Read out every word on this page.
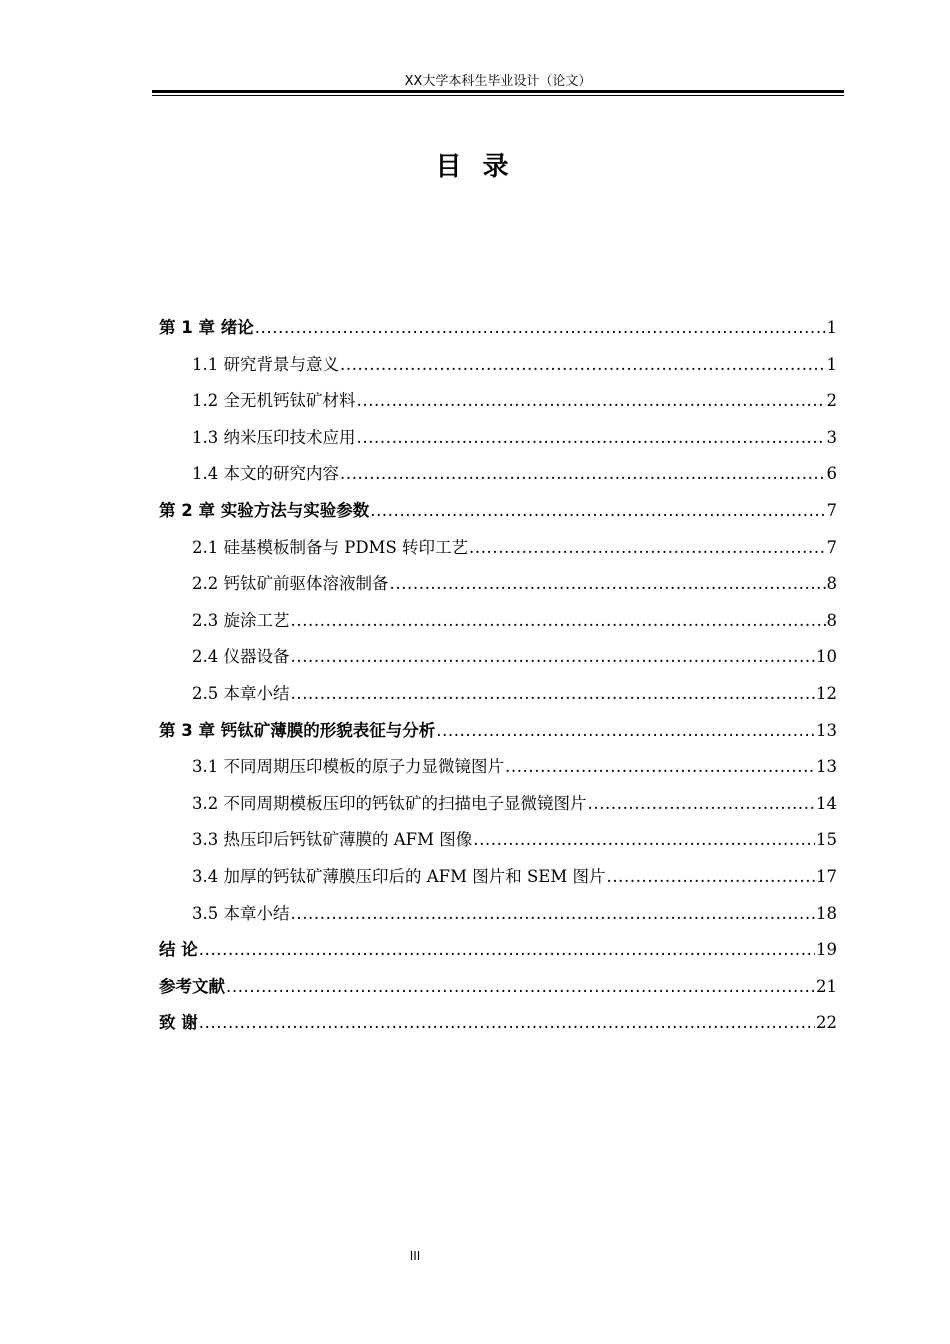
XX大学本科生毕业设计（论文）
目 录
第 1 章 绪论 .....	1
1.1 研究背景与意义 .....	1
1.2 全无机钙钛矿材料 .....	2
1.3 纳米压印技术应用 .....	3
1.4 本文的研究内容 .....	6
第 2 章 实验方法与实验参数 .....	7
2.1 硅基模板制备与 PDMS 转印工艺 .....	7
2.2 钙钛矿前驱体溶液制备 .....	8
2.3 旋涂工艺 .....	8
2.4 仪器设备 .....	10
2.5 本章小结 .....	12
第 3 章 钙钛矿薄膜的形貌表征与分析 .....	13
3.1 不同周期压印模板的原子力显微镜图片 .....	13
3.2 不同周期模板压印的钙钛矿的扫描电子显微镜图片 .....	14
3.3 热压印后钙钛矿薄膜的 AFM 图像 .....	15
3.4 加厚的钙钛矿薄膜压印后的 AFM 图片和 SEM 图片 .....	17
3.5 本章小结 .....	18
结 论 .....	19
参考文献 .....	21
致 谢 .....	22
III
